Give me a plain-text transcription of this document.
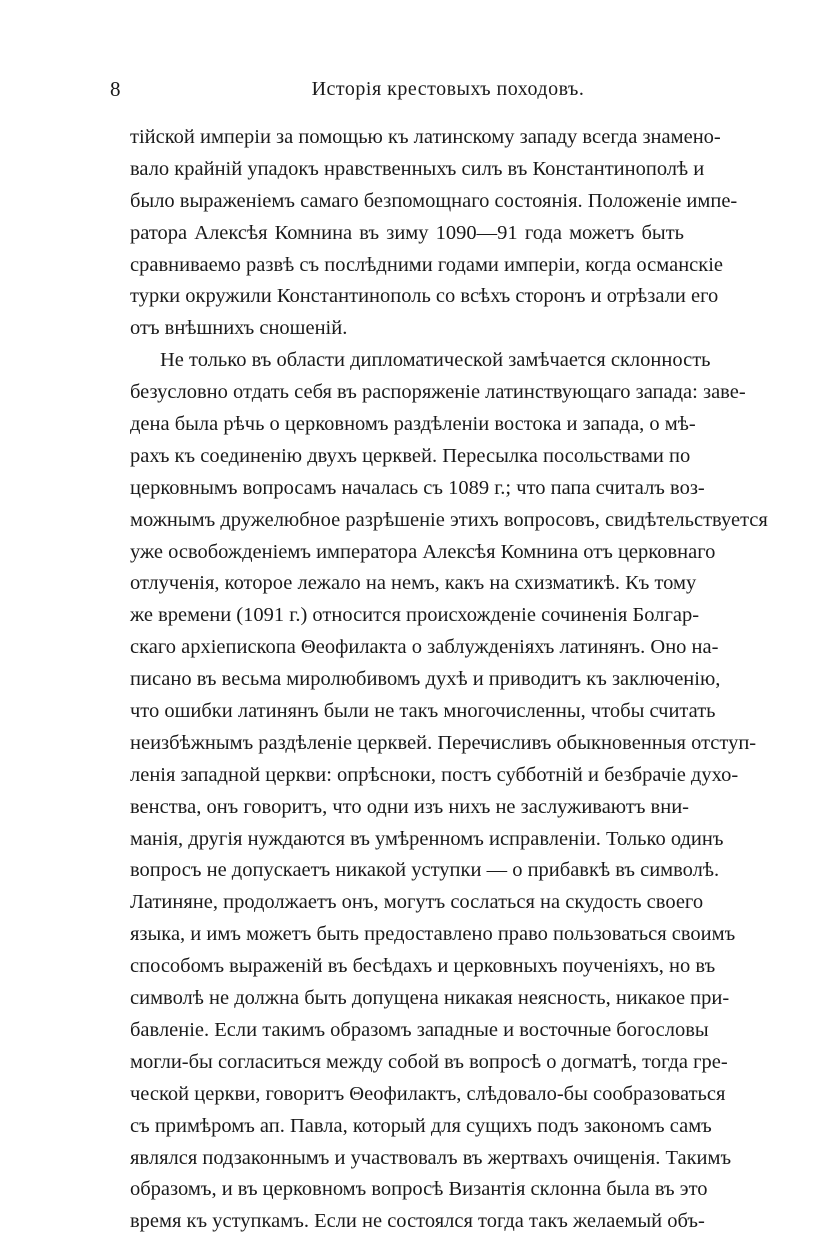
8	Исторія крестовыхъ походовъ.
тійской имперіи за помощью къ латинскому западу всегда знамено-
вало крайній упадокъ нравственныхъ силъ въ Константинополѣ и
было выраженіемъ самаго безпомощнаго состоянія. Положеніе импе-
ратора Алексѣя Комнина въ зиму 1090—91 года можетъ быть
сравниваемо развѣ съ послѣдними годами имперіи, когда османскіе
турки окружили Константинополь со всѣхъ сторонъ и отрѣзали его
отъ внѣшнихъ сношеній.
Не только въ области дипломатической замѣчается склонность
безусловно отдать себя въ распоряженіе латинствующаго запада: заве-
дена была рѣчь о церковномъ раздѣленіи востока и запада, о мѣ-
рахъ къ соединенію двухъ церквей. Пересылка посольствами по
церковнымъ вопросамъ началась съ 1089 г.; что папа считалъ воз-
можнымъ дружелюбное разрѣшеніе этихъ вопросовъ, свидѣтельствуется
уже освобожденіемъ императора Алексѣя Комнина отъ церковнаго
отлученія, которое лежало на немъ, какъ на схизматикѣ. Къ тому
же времени (1091 г.) относится происхожденіе сочиненія Болгар-
скаго архіепископа Θеофилакта о заблужденіяхъ латинянъ. Оно на-
писано въ весьма миролюбивомъ духѣ и приводитъ къ заключенію,
что ошибки латинянъ были не такъ многочисленны, чтобы считать
неизбѣжнымъ раздѣленіе церквей. Перечисливъ обыкновенныя отступ-
ленія западной церкви: опрѣсноки, постъ субботній и безбрачіе духо-
венства, онъ говоритъ, что одни изъ нихъ не заслуживаютъ вни-
манія, другія нуждаются въ умѣренномъ исправленіи. Только одинъ
вопросъ не допускаетъ никакой уступки — о прибавкѣ въ символѣ.
Латиняне, продолжаетъ онъ, могутъ сослаться на скудость своего
языка, и имъ можетъ быть предоставлено право пользоваться своимъ
способомъ выраженій въ бесѣдахъ и церковныхъ поученіяхъ, но въ
символѣ не должна быть допущена никакая неясность, никакое при-
бавленіе. Если такимъ образомъ западные и восточные богословы
могли-бы согласиться между собой въ вопросѣ о догматѣ, тогда гре-
ческой церкви, говоритъ Θеофилактъ, слѣдовало-бы сообразоваться
съ примѣромъ ап. Павла, который для сущихъ подъ закономъ самъ
являлся подзаконнымъ и участвовалъ въ жертвахъ очищенія. Такимъ
образомъ, и въ церковномъ вопросѣ Византія склонна была въ это
время къ уступкамъ. Если не состоялся тогда такъ желаемый объ-
